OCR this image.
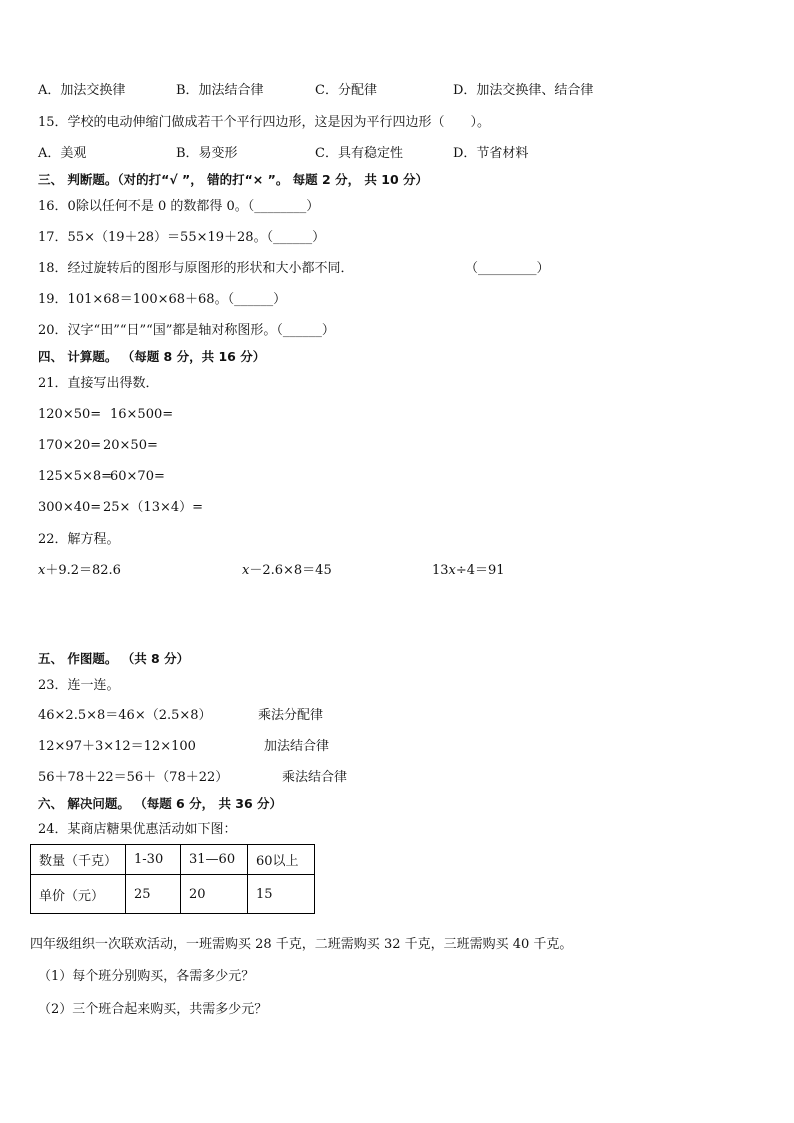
A．加法交换律	B．加法结合律	C．分配律	D．加法交换律、结合律
15．学校的电动伸缩门做成若干个平行四边形，这是因为平行四边形（　　）。
A．美观	B．易变形	C．具有稳定性	D．节省材料
三、 判断题。（对的打“√ ”， 错的打“× ”。 每题 2 分， 共 10 分）
16．0除以任何不是 0 的数都得 0。（________）
17．55×（19＋28）＝55×19＋28。（______）
18．经过旋转后的图形与原图形的形状和大小都不同．	（_________）
19．101×68＝100×68＋68。（______）
20．汉字“田”“日”“国”都是轴对称图形。（______）
四、 计算题。 （每题 8 分，共 16 分）
21．直接写出得数．
120×50= 16×500=
170×20= 20×50=
125×5×8=
60×70=
300×40= 25×（13×4）=
22．解方程。
𝑥＋9.2＝82.6	𝑥－2.6×8＝45	13𝑥÷4＝91
五、 作图题。 （共 8 分）
23．连一连。
46×2.5×8＝46×（2.5×8）	乘法分配律
12×97＋3×12＝12×100	加法结合律
56＋78＋22＝56＋（78＋22）	乘法结合律
六、 解决问题。 （每题 6 分， 共 36 分）
24．某商店糖果优惠活动如下图：
数量（千克）	1-30	31—60	60以上
单价（元）	25	20	15
四年级组织一次联欢活动，一班需购买 28 千克，二班需购买 32 千克，三班需购买 40 千克。
（1）每个班分别购买，各需多少元？
（2）三个班合起来购买，共需多少元？
